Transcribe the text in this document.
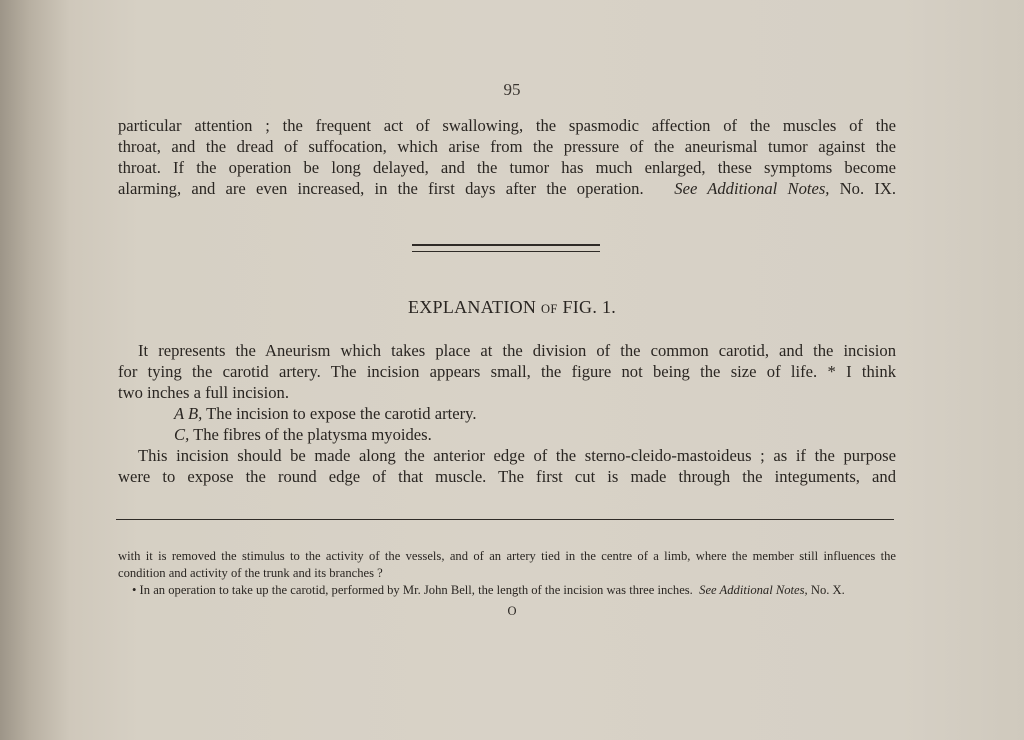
95
particular attention ; the frequent act of swallowing, the spasmodic affection of the muscles of the
throat, and the dread of suffocation, which arise from the pressure of the aneurismal tumor against the
throat. If the operation be long delayed, and the tumor has much enlarged, these symptoms become
alarming, and are even increased, in the first days after the operation. See Additional Notes, No. IX.
EXPLANATION OF FIG. 1.
It represents the Aneurism which takes place at the division of the common carotid, and the incision
for tying the carotid artery. The incision appears small, the figure not being the size of life. * I think
two inches a full incision.
A B, The incision to expose the carotid artery.
C, The fibres of the platysma myoides.
This incision should be made along the anterior edge of the sterno-cleido-mastoideus ; as if the purpose
were to expose the round edge of that muscle. The first cut is made through the integuments, and
with it is removed the stimulus to the activity of the vessels, and of an artery tied in the centre of a limb, where the member still influences the
condition and activity of the trunk and its branches ?
• In an operation to take up the carotid, performed by Mr. John Bell, the length of the incision was three inches. See Additional Notes, No. X.
O
